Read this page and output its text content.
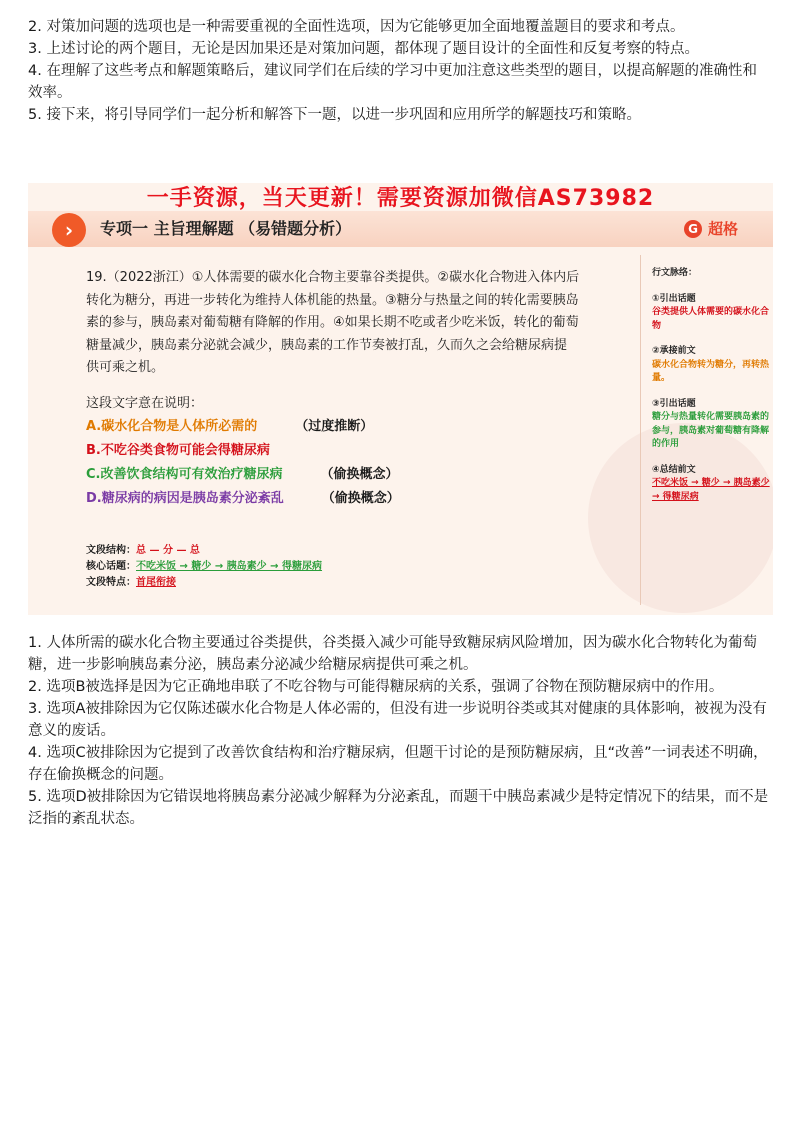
2. 对策加问题的选项也是一种需要重视的全面性选项，因为它能够更加全面地覆盖题目的要求和考点。

3. 上述讨论的两个题目，无论是因加果还是对策加问题，都体现了题目设计的全面性和反复考察的特点。

4. 在理解了这些考点和解题策略后，建议同学们在后续的学习中更加注意这些类型的题目，以提高解题的准确性和效率。

5. 接下来，将引导同学们一起分析和解答下一题，以进一步巩固和应用所学的解题技巧和策略。

一手资源，当天更新！需要资源加微信AS73982
›	专项一 主旨理解题 （易错题分析）	G 超格

19.（2022浙江）①人体需要的碳水化合物主要靠谷类提供。②碳水化合物进入体内后

转化为糖分，再进一步转化为维持人体机能的热量。③糖分与热量之间的转化需要胰岛

素的参与，胰岛素对葡萄糖有降解的作用。④如果长期不吃或者少吃米饭，转化的葡萄

糖量减少，胰岛素分泌就会减少，胰岛素的工作节奏被打乱，久而久之会给糖尿病提

供可乘之机。

这段文字意在说明：
A.碳水化合物是人体所必需的	（过度推断）
B.不吃谷类食物可能会得糖尿病
C.改善饮食结构可有效治疗糖尿病	（偷换概念）
D.糖尿病的病因是胰岛素分泌紊乱	（偷换概念）
文段结构：总 — 分 — 总
核心话题：不吃米饭 → 糖少 → 胰岛素少 → 得糖尿病
文段特点：首尾衔接
行文脉络：
①引出话题
谷类提供人体需要的碳水化合物
②承接前文
碳水化合物转为糖分，再转热量。
③引出话题
糖分与热量转化需要胰岛素的参与，胰岛素对葡萄糖有降解的作用
④总结前文
不吃米饭 → 糖少 → 胰岛素少 → 得糖尿病

1. 人体所需的碳水化合物主要通过谷类提供，谷类摄入减少可能导致糖尿病风险增加，因为碳水化合物转化为葡萄糖，进一步影响胰岛素分泌，胰岛素分泌减少给糖尿病提供可乘之机。

2. 选项B被选择是因为它正确地串联了不吃谷物与可能得糖尿病的关系，强调了谷物在预防糖尿病中的作用。

3. 选项A被排除因为它仅陈述碳水化合物是人体必需的，但没有进一步说明谷类或其对健康的具体影响，被视为没有意义的废话。

4. 选项C被排除因为它提到了改善饮食结构和治疗糖尿病，但题干讨论的是预防糖尿病，且“改善”一词表述不明确，存在偷换概念的问题。

5. 选项D被排除因为它错误地将胰岛素分泌减少解释为分泌紊乱，而题干中胰岛素减少是特定情况下的结果，而不是泛指的紊乱状态。
